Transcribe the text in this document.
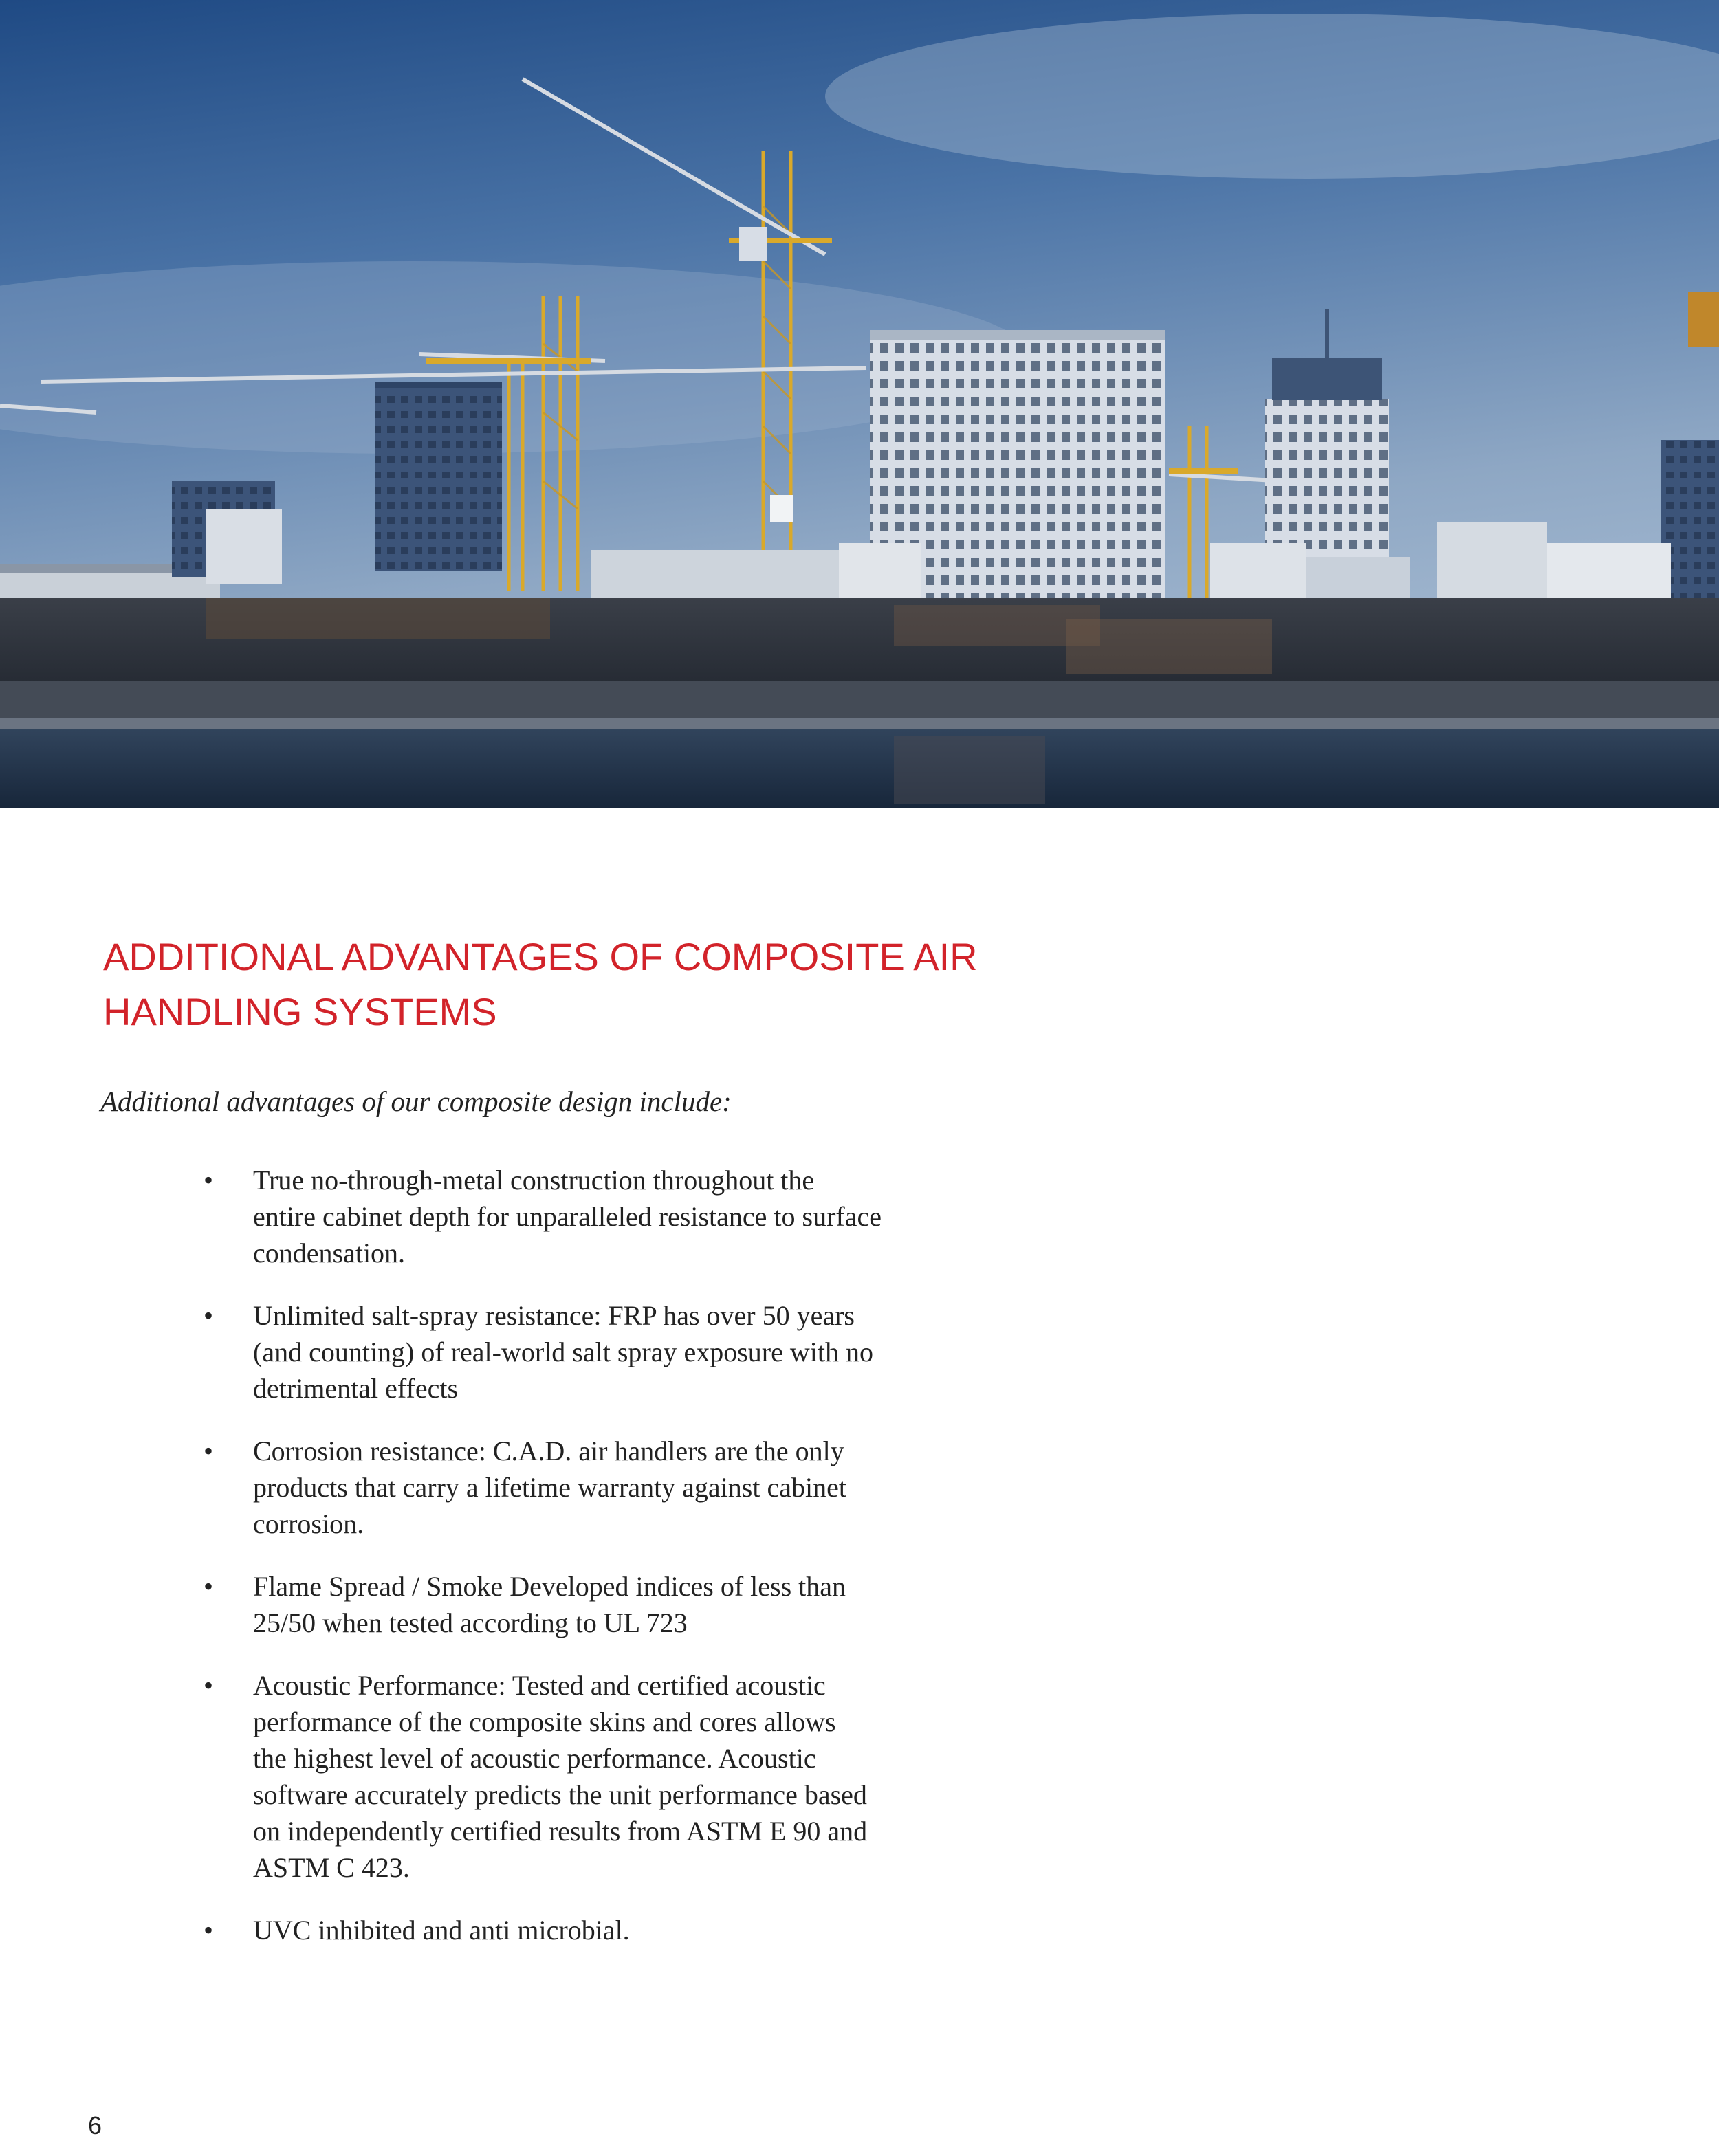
ADDITIONAL ADVANTAGES OF COMPOSITE AIR
HANDLING SYSTEMS

Additional advantages of our composite design include:

• True no-through-metal construction throughout the
entire cabinet depth for unparalleled resistance to surface
condensation.
• Unlimited salt-spray resistance: FRP has over 50 years
(and counting) of real-world salt spray exposure with no
detrimental effects
• Corrosion resistance: C.A.D. air handlers are the only
products that carry a lifetime warranty against cabinet
corrosion.
• Flame Spread / Smoke Developed indices of less than
25/50 when tested according to UL 723
• Acoustic Performance: Tested and certified acoustic
performance of the composite skins and cores allows
the highest level of acoustic performance. Acoustic
software accurately predicts the unit performance based
on independently certified results from ASTM E 90 and
ASTM C 423.
• UVC inhibited and anti microbial.
6
